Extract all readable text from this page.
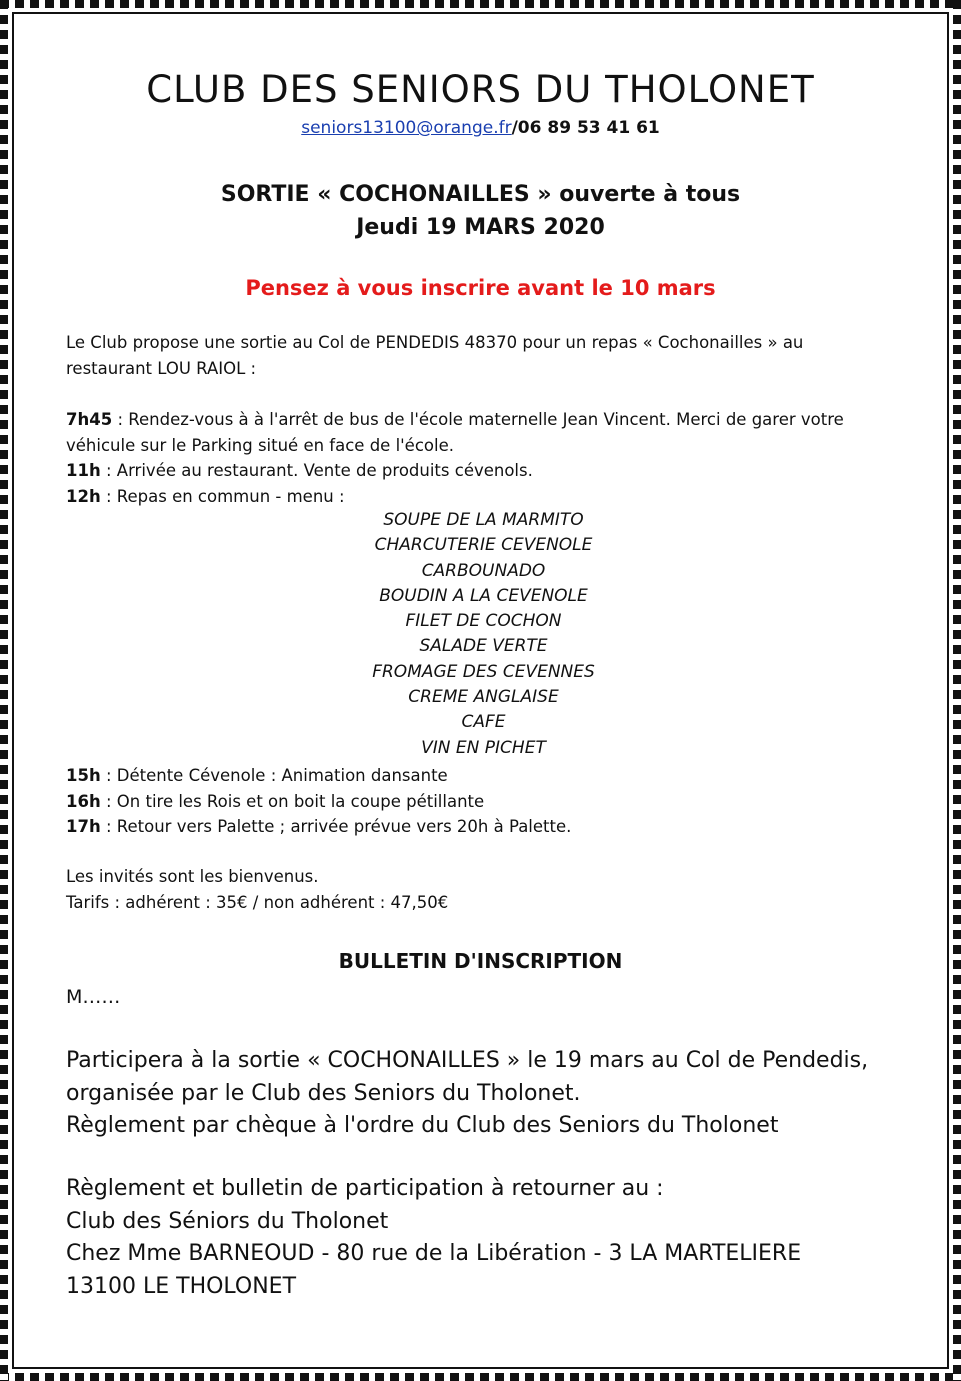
CLUB DES SENIORS DU THOLONET
seniors13100@orange.fr/06 89 53 41 61
SORTIE « COCHONAILLES » ouverte à tous
Jeudi 19 MARS 2020
Pensez à vous inscrire avant le 10 mars
Le Club propose une sortie au Col de PENDEDIS 48370 pour un repas « Cochonailles » au restaurant LOU RAIOL :
7h45 : Rendez-vous à à l'arrêt de bus de l'école maternelle Jean Vincent. Merci de garer votre véhicule sur le Parking situé en face de l'école.
11h : Arrivée au restaurant. Vente de produits cévenols.
12h : Repas en commun - menu :
SOUPE DE LA MARMITO
CHARCUTERIE CEVENOLE
CARBOUNADO
BOUDIN A LA CEVENOLE
FILET DE COCHON
SALADE VERTE
FROMAGE DES CEVENNES
CREME ANGLAISE
CAFE
VIN EN PICHET
15h : Détente Cévenole : Animation dansante
16h : On tire les Rois et on boit la coupe pétillante
17h : Retour vers Palette ; arrivée prévue vers 20h à Palette.
Les invités sont les bienvenus.
Tarifs : adhérent : 35€ / non adhérent : 47,50€
BULLETIN D'INSCRIPTION
M……
Participera à la sortie « COCHONAILLES » le 19 mars au Col de Pendedis,
organisée par le Club des Seniors du Tholonet.
Règlement par chèque à l'ordre du Club des Seniors du Tholonet
Règlement et bulletin de participation à retourner au :
Club des Séniors du Tholonet
Chez Mme BARNEOUD - 80 rue de la Libération - 3 LA MARTELIERE
13100 LE THOLONET
